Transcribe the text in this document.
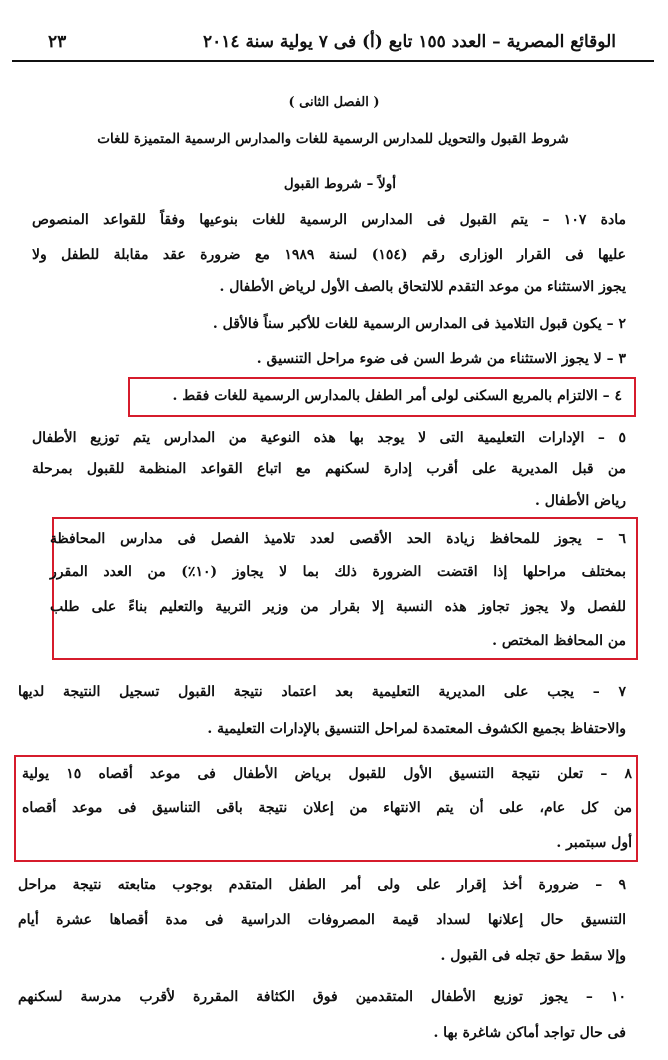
الوقائع المصرية – العدد ١٥٥ تابع (أ) فى ٧ يولية سنة ٢٠١٤
٢٣
( الفصل الثانى )
شروط القبول والتحويل للمدارس الرسمية للغات والمدارس الرسمية المتميزة للغات
أولاً – شروط القبول
مادة ١٠٧ – يتم القبول فى المدارس الرسمية للغات بنوعيها وفقاً للقواعد المنصوص
عليها فى القرار الوزارى رقم (١٥٤) لسنة ١٩٨٩ مع ضرورة عقد مقابلة للطفل ولا
يجوز الاستثناء من موعد التقدم للالتحاق بالصف الأول لرياض الأطفال .
٢ – يكون قبول التلاميذ فى المدارس الرسمية للغات للأكبر سناً فالأقل .
٣ – لا يجوز الاستثناء من شرط السن فى ضوء مراحل التنسيق .
٤ – الالتزام بالمربع السكنى لولى أمر الطفل بالمدارس الرسمية للغات فقط .
٥ – الإدارات التعليمية التى لا يوجد بها هذه النوعية من المدارس يتم توزيع الأطفال
من قبل المديرية على أقرب إدارة لسكنهم مع اتباع القواعد المنظمة للقبول بمرحلة
رياض الأطفال .
٦ – يجوز للمحافظ زيادة الحد الأقصى لعدد تلاميذ الفصل فى مدارس المحافظة
بمختلف مراحلها إذا اقتضت الضرورة ذلك بما لا يجاوز (١٠٪) من العدد المقرر
للفصل ولا يجوز تجاوز هذه النسبة إلا بقرار من وزير التربية والتعليم بناءً على طلب
من المحافظ المختص .
٧ – يجب على المديرية التعليمية بعد اعتماد نتيجة القبول تسجيل النتيجة لديها
والاحتفاظ بجميع الكشوف المعتمدة لمراحل التنسيق بالإدارات التعليمية .
٨ – تعلن نتيجة التنسيق الأول للقبول برياض الأطفال فى موعد أقصاه ١٥ يولية
من كل عام، على أن يتم الانتهاء من إعلان نتيجة باقى التناسيق فى موعد أقصاه
أول سبتمبر .
٩ – ضرورة أخذ إقرار على ولى أمر الطفل المتقدم بوجوب متابعته نتيجة مراحل
التنسيق حال إعلانها لسداد قيمة المصروفات الدراسية فى مدة أقصاها عشرة أيام
وإلا سقط حق تجله فى القبول .
١٠ – يجوز توزيع الأطفال المتقدمين فوق الكثافة المقررة لأقرب مدرسة لسكنهم
فى حال تواجد أماكن شاغرة بها .
